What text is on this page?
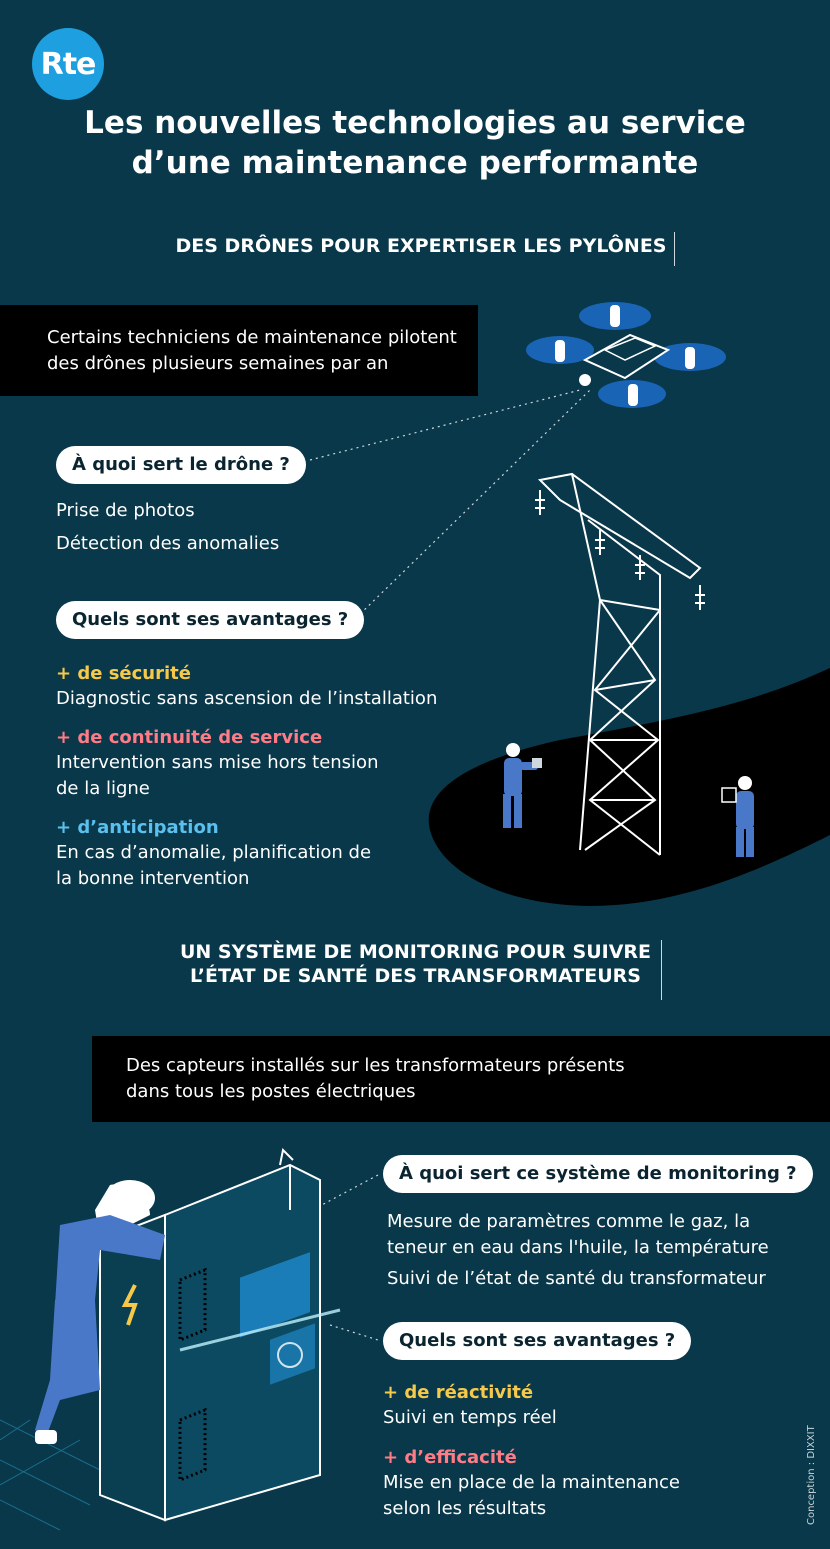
Rte
Les nouvelles technologies au service
d’une maintenance performante
DES DRÔNES POUR EXPERTISER LES PYLÔNES
Certains techniciens de maintenance pilotent des drônes plusieurs semaines par an
À quoi sert le drône ?
Prise de photos
Détection des anomalies
Quels sont ses avantages ?
+ de sécurité
Diagnostic sans ascension de l’installation
+ de continuité de service
Intervention sans mise hors tension de la ligne
+ d’anticipation
En cas d’anomalie, planification de la bonne intervention
UN SYSTÈME DE MONITORING POUR SUIVRE
L’ÉTAT DE SANTÉ DES TRANSFORMATEURS
Des capteurs installés sur les transformateurs présents dans tous les postes électriques
À quoi sert ce système de monitoring ?
Mesure de paramètres comme le gaz, la teneur en eau dans l'huile, la température
Suivi de l’état de santé du transformateur
Quels sont ses avantages ?
+ de réactivité
Suivi en temps réel
+ d’efficacité
Mise en place de la maintenance selon les résultats	Conception : DIXXIT
